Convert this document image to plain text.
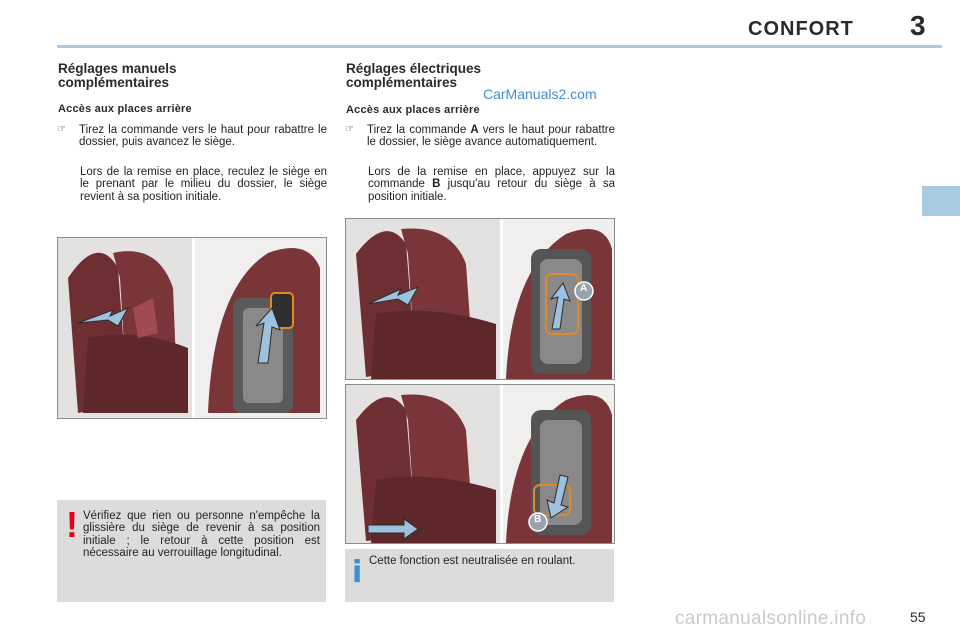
CONFORT 3
Réglages manuels complémentaires
Accès aux places arrière
☞	Tirez la commande vers le haut pour rabattre le dossier, puis avancez le siège.

Lors de la remise en place, reculez le siège en le prenant par le milieu du dossier, le siège revient à sa position initiale.

Réglages électriques complémentaires
CarManuals2.com
Accès aux places arrière
☞	Tirez la commande A vers le haut pour rabattre le dossier, le siège avance automatiquement.

Lors de la remise en place, appuyez sur la commande B jusqu'au retour du siège à sa position initiale.

A
B
! Vérifiez que rien ou personne n'empêche la glissière du siège de revenir à sa position initiale ; le retour à cette position est nécessaire au verrouillage longitudinal.

i Cette fonction est neutralisée en roulant.

carmanualsonline.info	55
